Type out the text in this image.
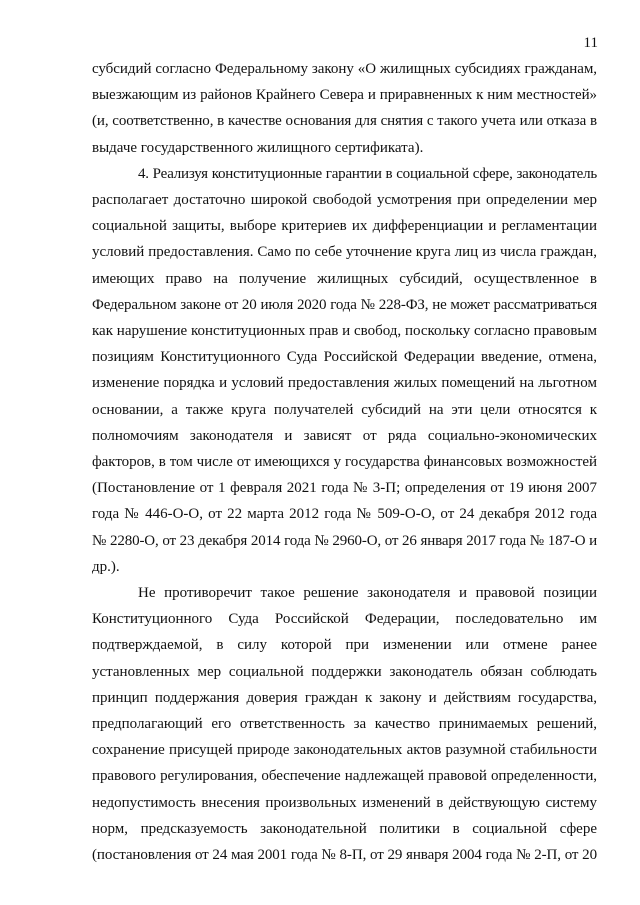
11
субсидий согласно Федеральному закону «О жилищных субсидиях гражданам,
выезжающим из районов Крайнего Севера и приравненных к ним местностей»
(и, соответственно, в качестве основания для снятия с такого учета или отказа в
выдаче государственного жилищного сертификата).
4. Реализуя конституционные гарантии в социальной сфере, законодатель
располагает достаточно широкой свободой усмотрения при определении мер
социальной защиты, выборе критериев их дифференциации и регламентации
условий предоставления. Само по себе уточнение круга лиц из числа граждан,
имеющих право на получение жилищных субсидий, осуществленное в
Федеральном законе от 20 июля 2020 года № 228-ФЗ, не может рассматриваться
как нарушение конституционных прав и свобод, поскольку согласно правовым
позициям Конституционного Суда Российской Федерации введение, отмена,
изменение порядка и условий предоставления жилых помещений на льготном
основании, а также круга получателей субсидий на эти цели относятся к
полномочиям законодателя и зависят от ряда социально-экономических
факторов, в том числе от имеющихся у государства финансовых возможностей
(Постановление от 1 февраля 2021 года № 3-П; определения от 19 июня 2007
года № 446-О-О, от 22 марта 2012 года № 509-О-О, от 24 декабря 2012 года
№ 2280-О, от 23 декабря 2014 года № 2960-О, от 26 января 2017 года № 187-О и
др.).
Не противоречит такое решение законодателя и правовой позиции
Конституционного Суда Российской Федерации, последовательно им
подтверждаемой, в силу которой при изменении или отмене ранее
установленных мер социальной поддержки законодатель обязан соблюдать
принцип поддержания доверия граждан к закону и действиям государства,
предполагающий его ответственность за качество принимаемых решений,
сохранение присущей природе законодательных актов разумной стабильности
правового регулирования, обеспечение надлежащей правовой определенности,
недопустимость внесения произвольных изменений в действующую систему
норм, предсказуемость законодательной политики в социальной сфере
(постановления от 24 мая 2001 года № 8-П, от 29 января 2004 года № 2-П, от 20
